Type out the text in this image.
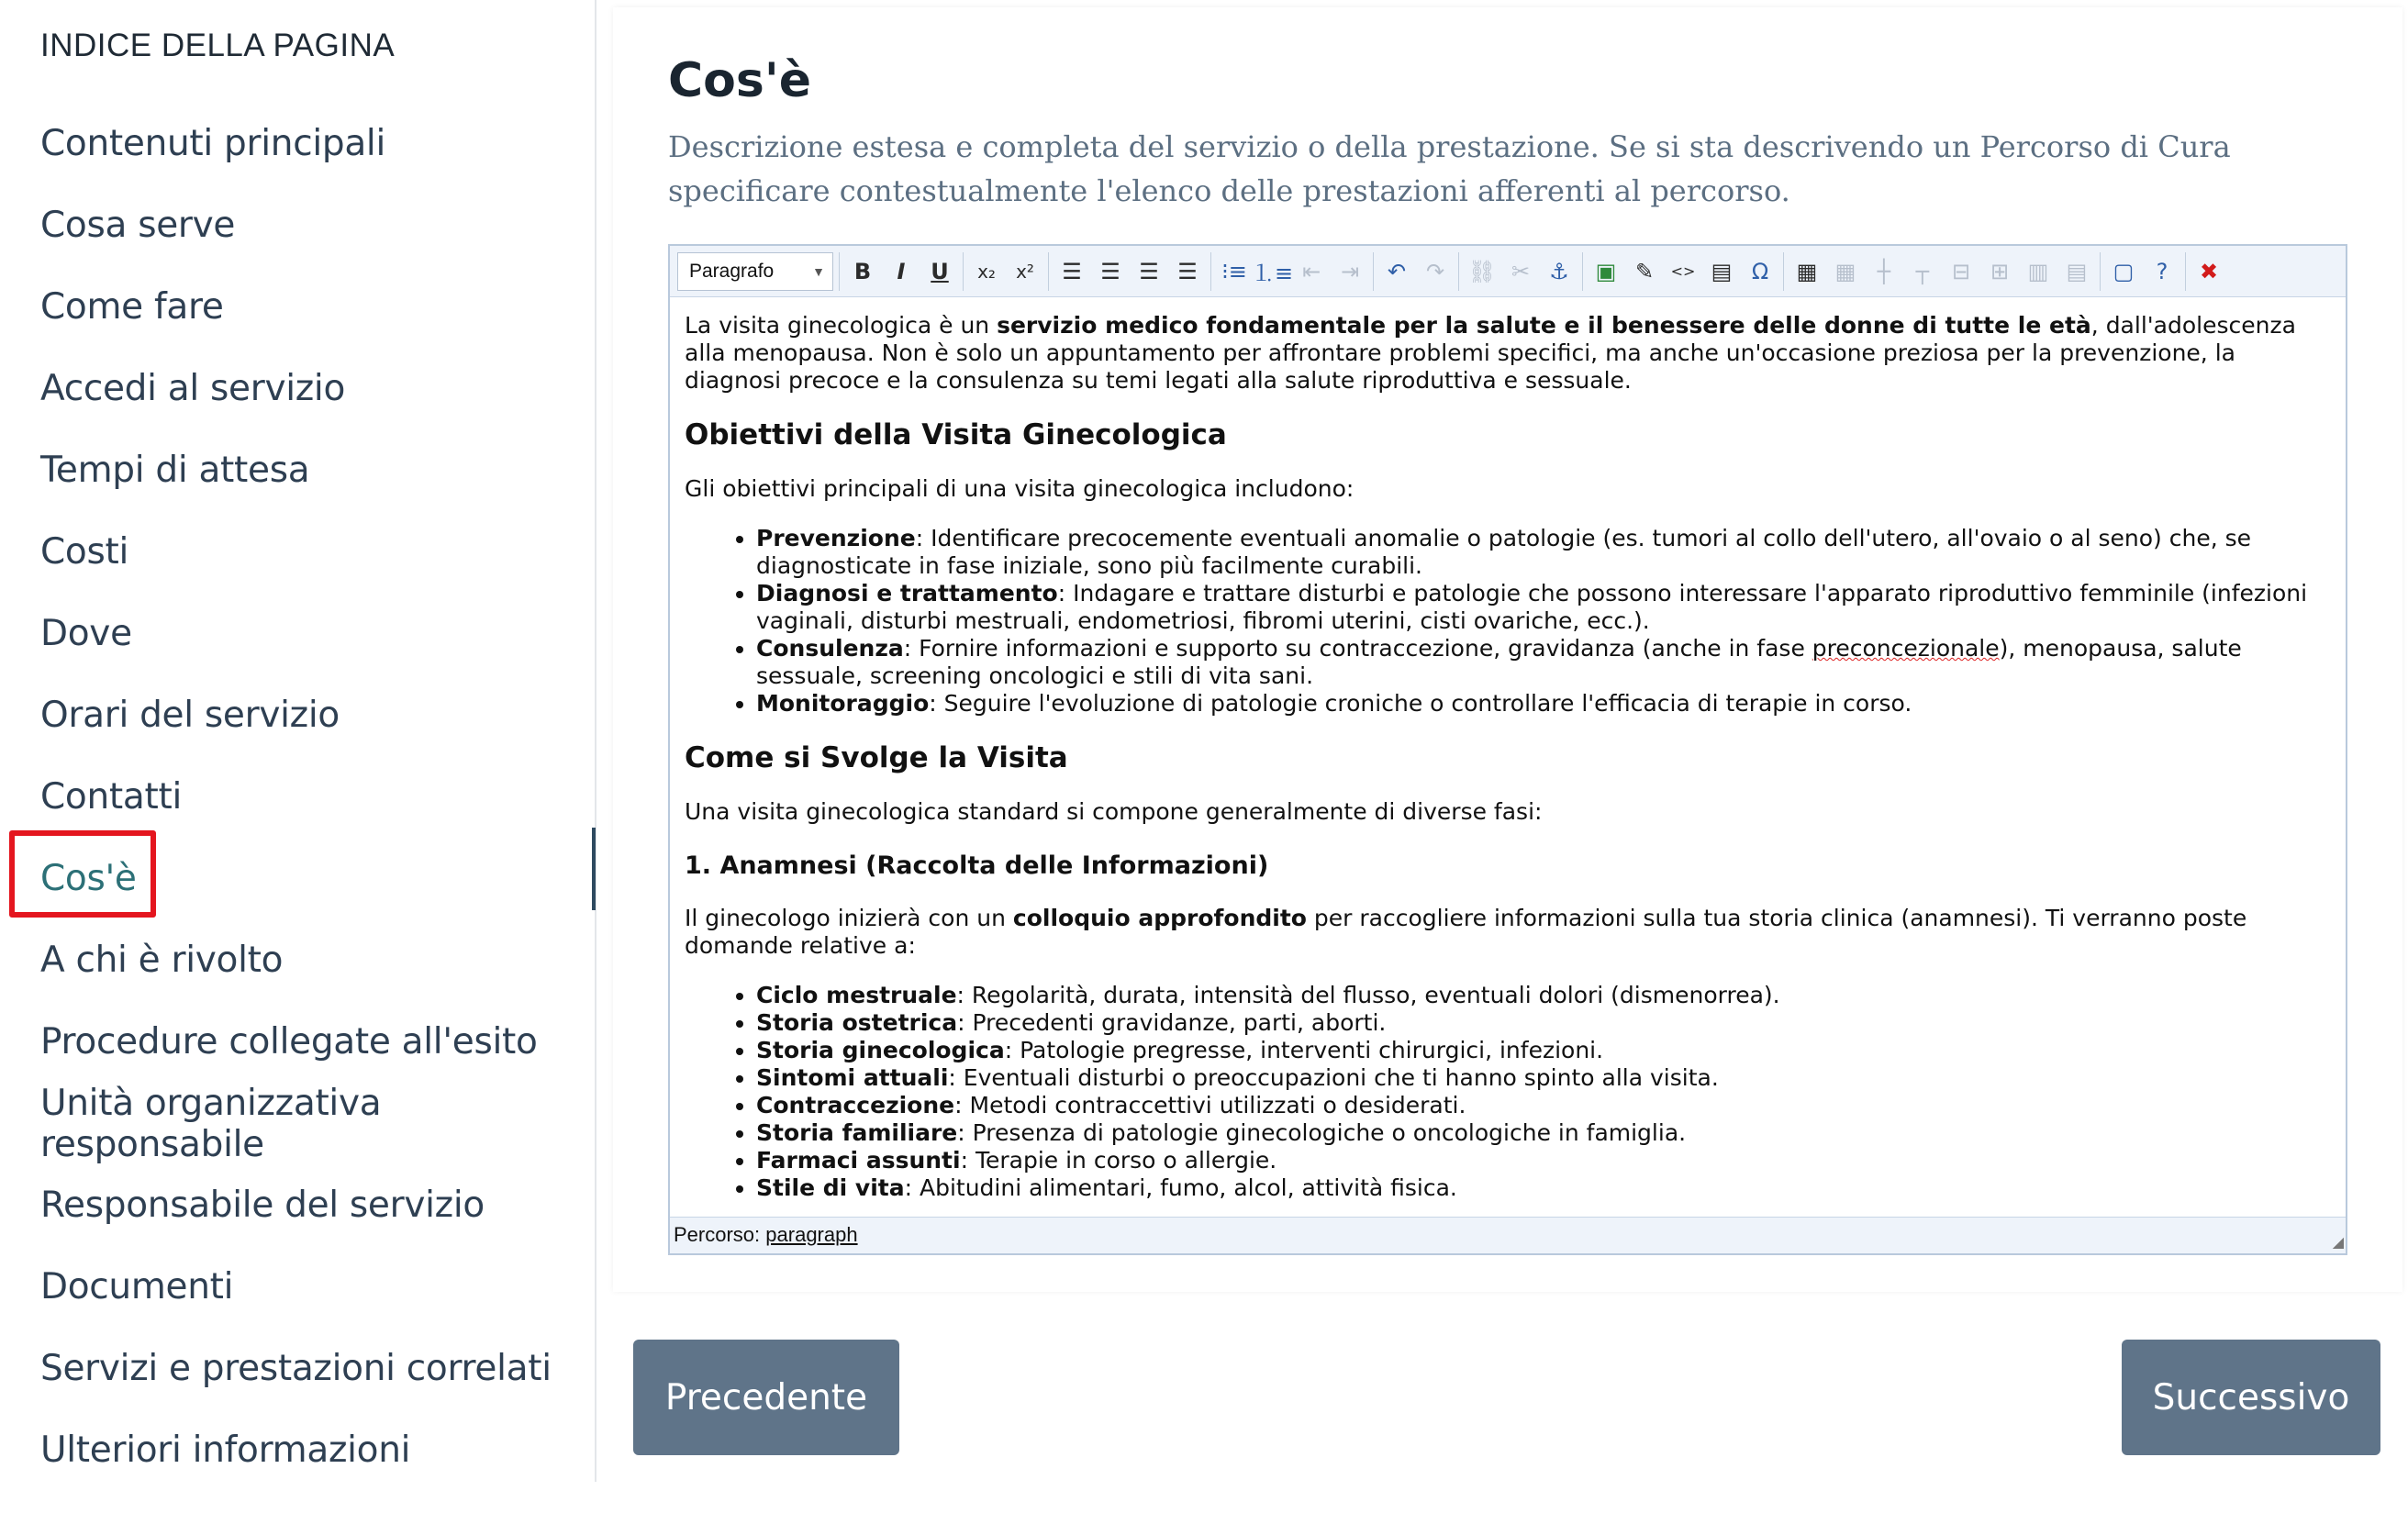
INDICE DELLA PAGINA
Contenuti principali
Cosa serve
Come fare
Accedi al servizio
Tempi di attesa
Costi
Dove
Orari del servizio
Contatti
Cos'è
A chi è rivolto
Procedure collegate all'esito
Unità organizzativa responsabile
Responsabile del servizio
Documenti
Servizi e prestazioni correlati
Ulteriori informazioni
Cos'è

Descrizione estesa e completa del servizio o della prestazione. Se si sta descrivendo un Percorso di Cura specificare contestualmente l'elenco delle prestazioni afferenti al percorso.

Paragrafo	▼ B I U	x₂	x²	☰ ☰ ☰ ☰	⁝≡ ⒈≡ ⇤ ⇥	↶ ↷	⛓ ✂ ⚓	▣ ✎	<> ▤ Ω	▦ ▦ ┼	┬	⊟ ⊞ ▥ ▤	▢	?	✖

La visita ginecologica è un servizio medico fondamentale per la salute e il benessere delle donne di tutte le età, dall'adolescenza alla menopausa. Non è solo un appuntamento per affrontare problemi specifici, ma anche un'occasione preziosa per la prevenzione, la diagnosi precoce e la consulenza su temi legati alla salute riproduttiva e sessuale.

Obiettivi della Visita Ginecologica

Gli obiettivi principali di una visita ginecologica includono:

• Prevenzione: Identificare precocemente eventuali anomalie o patologie (es. tumori al collo dell'utero, all'ovaio o al seno) che, se diagnosticate in fase iniziale, sono più facilmente curabili.
• Diagnosi e trattamento: Indagare e trattare disturbi e patologie che possono interessare l'apparato riproduttivo femminile (infezioni vaginali, disturbi mestruali, endometriosi, fibromi uterini, cisti ovariche, ecc.).
• Consulenza: Fornire informazioni e supporto su contraccezione, gravidanza (anche in fase preconcezionale), menopausa, salute sessuale, screening oncologici e stili di vita sani.
• Monitoraggio: Seguire l'evoluzione di patologie croniche o controllare l'efficacia di terapie in corso.
Come si Svolge la Visita

Una visita ginecologica standard si compone generalmente di diverse fasi:

1. Anamnesi (Raccolta delle Informazioni)

Il ginecologo inizierà con un colloquio approfondito per raccogliere informazioni sulla tua storia clinica (anamnesi). Ti verranno poste domande relative a:

• Ciclo mestruale: Regolarità, durata, intensità del flusso, eventuali dolori (dismenorrea).
• Storia ostetrica: Precedenti gravidanze, parti, aborti.
• Storia ginecologica: Patologie pregresse, interventi chirurgici, infezioni.
• Sintomi attuali: Eventuali disturbi o preoccupazioni che ti hanno spinto alla visita.
• Contraccezione: Metodi contraccettivi utilizzati o desiderati.
• Storia familiare: Presenza di patologie ginecologiche o oncologiche in famiglia.
• Farmaci assunti: Terapie in corso o allergie.
• Stile di vita: Abitudini alimentari, fumo, alcol, attività fisica.
Percorso: paragraph	◢
Precedente	Successivo
